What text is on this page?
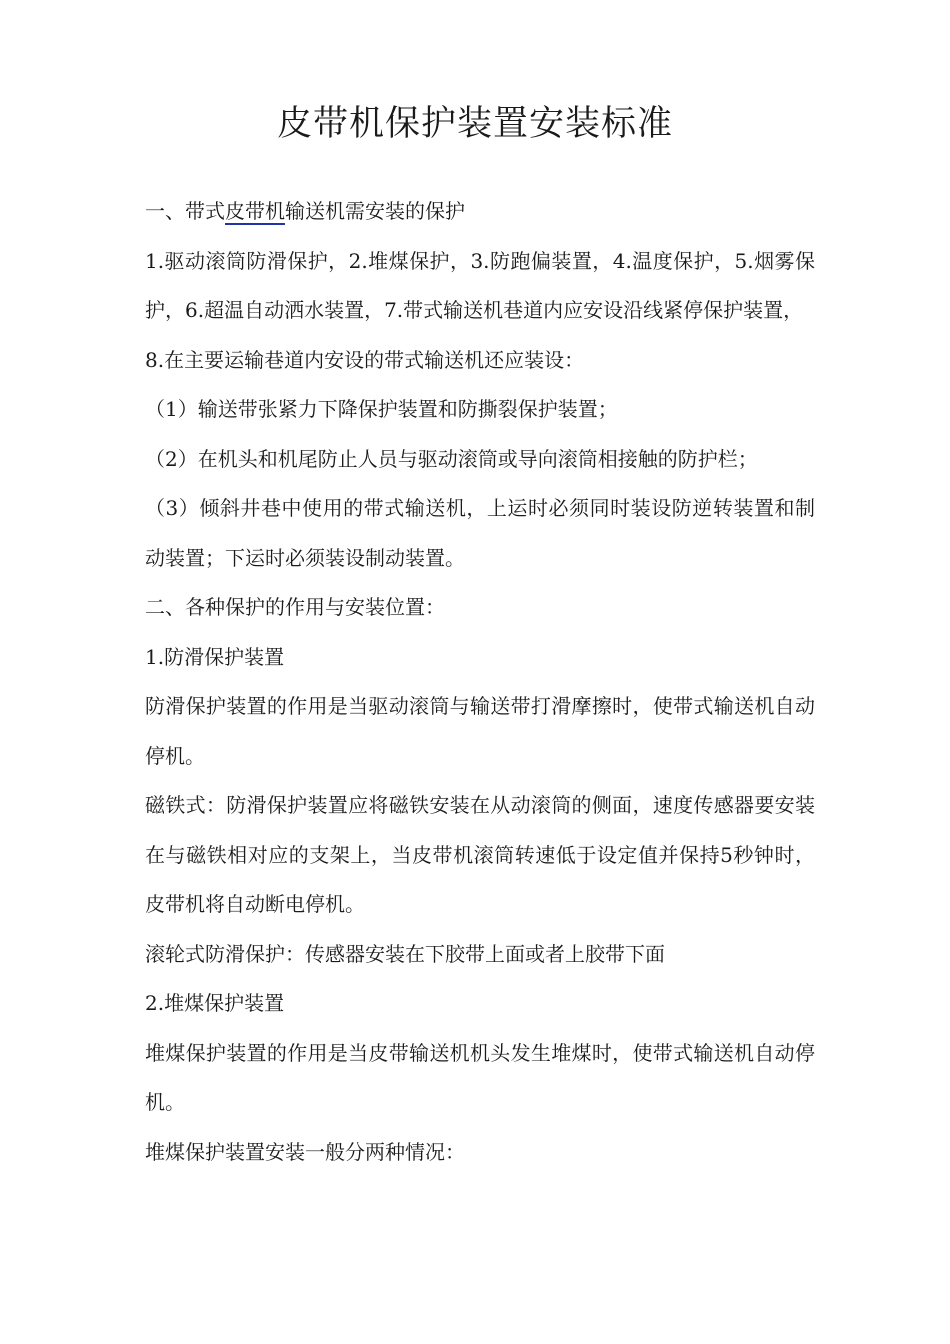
皮带机保护装置安装标准

一、带式皮带机输送机需安装的保护

1.驱动滚筒防滑保护，2.堆煤保护，3.防跑偏装置，4.温度保护，5.烟雾保护，6.超温自动洒水装置，7.带式输送机巷道内应安设沿线紧停保护装置，

8.在主要运输巷道内安设的带式输送机还应装设：

（1）输送带张紧力下降保护装置和防撕裂保护装置；

（2）在机头和机尾防止人员与驱动滚筒或导向滚筒相接触的防护栏；

（3）倾斜井巷中使用的带式输送机，上运时必须同时装设防逆转装置和制动装置；下运时必须装设制动装置。

二、各种保护的作用与安装位置：

1.防滑保护装置

防滑保护装置的作用是当驱动滚筒与输送带打滑摩擦时，使带式输送机自动停机。

磁铁式：防滑保护装置应将磁铁安装在从动滚筒的侧面，速度传感器要安装在与磁铁相对应的支架上，当皮带机滚筒转速低于设定值并保持5秒钟时，皮带机将自动断电停机。

滚轮式防滑保护：传感器安装在下胶带上面或者上胶带下面

2.堆煤保护装置

堆煤保护装置的作用是当皮带输送机机头发生堆煤时，使带式输送机自动停机。

堆煤保护装置安装一般分两种情况：
